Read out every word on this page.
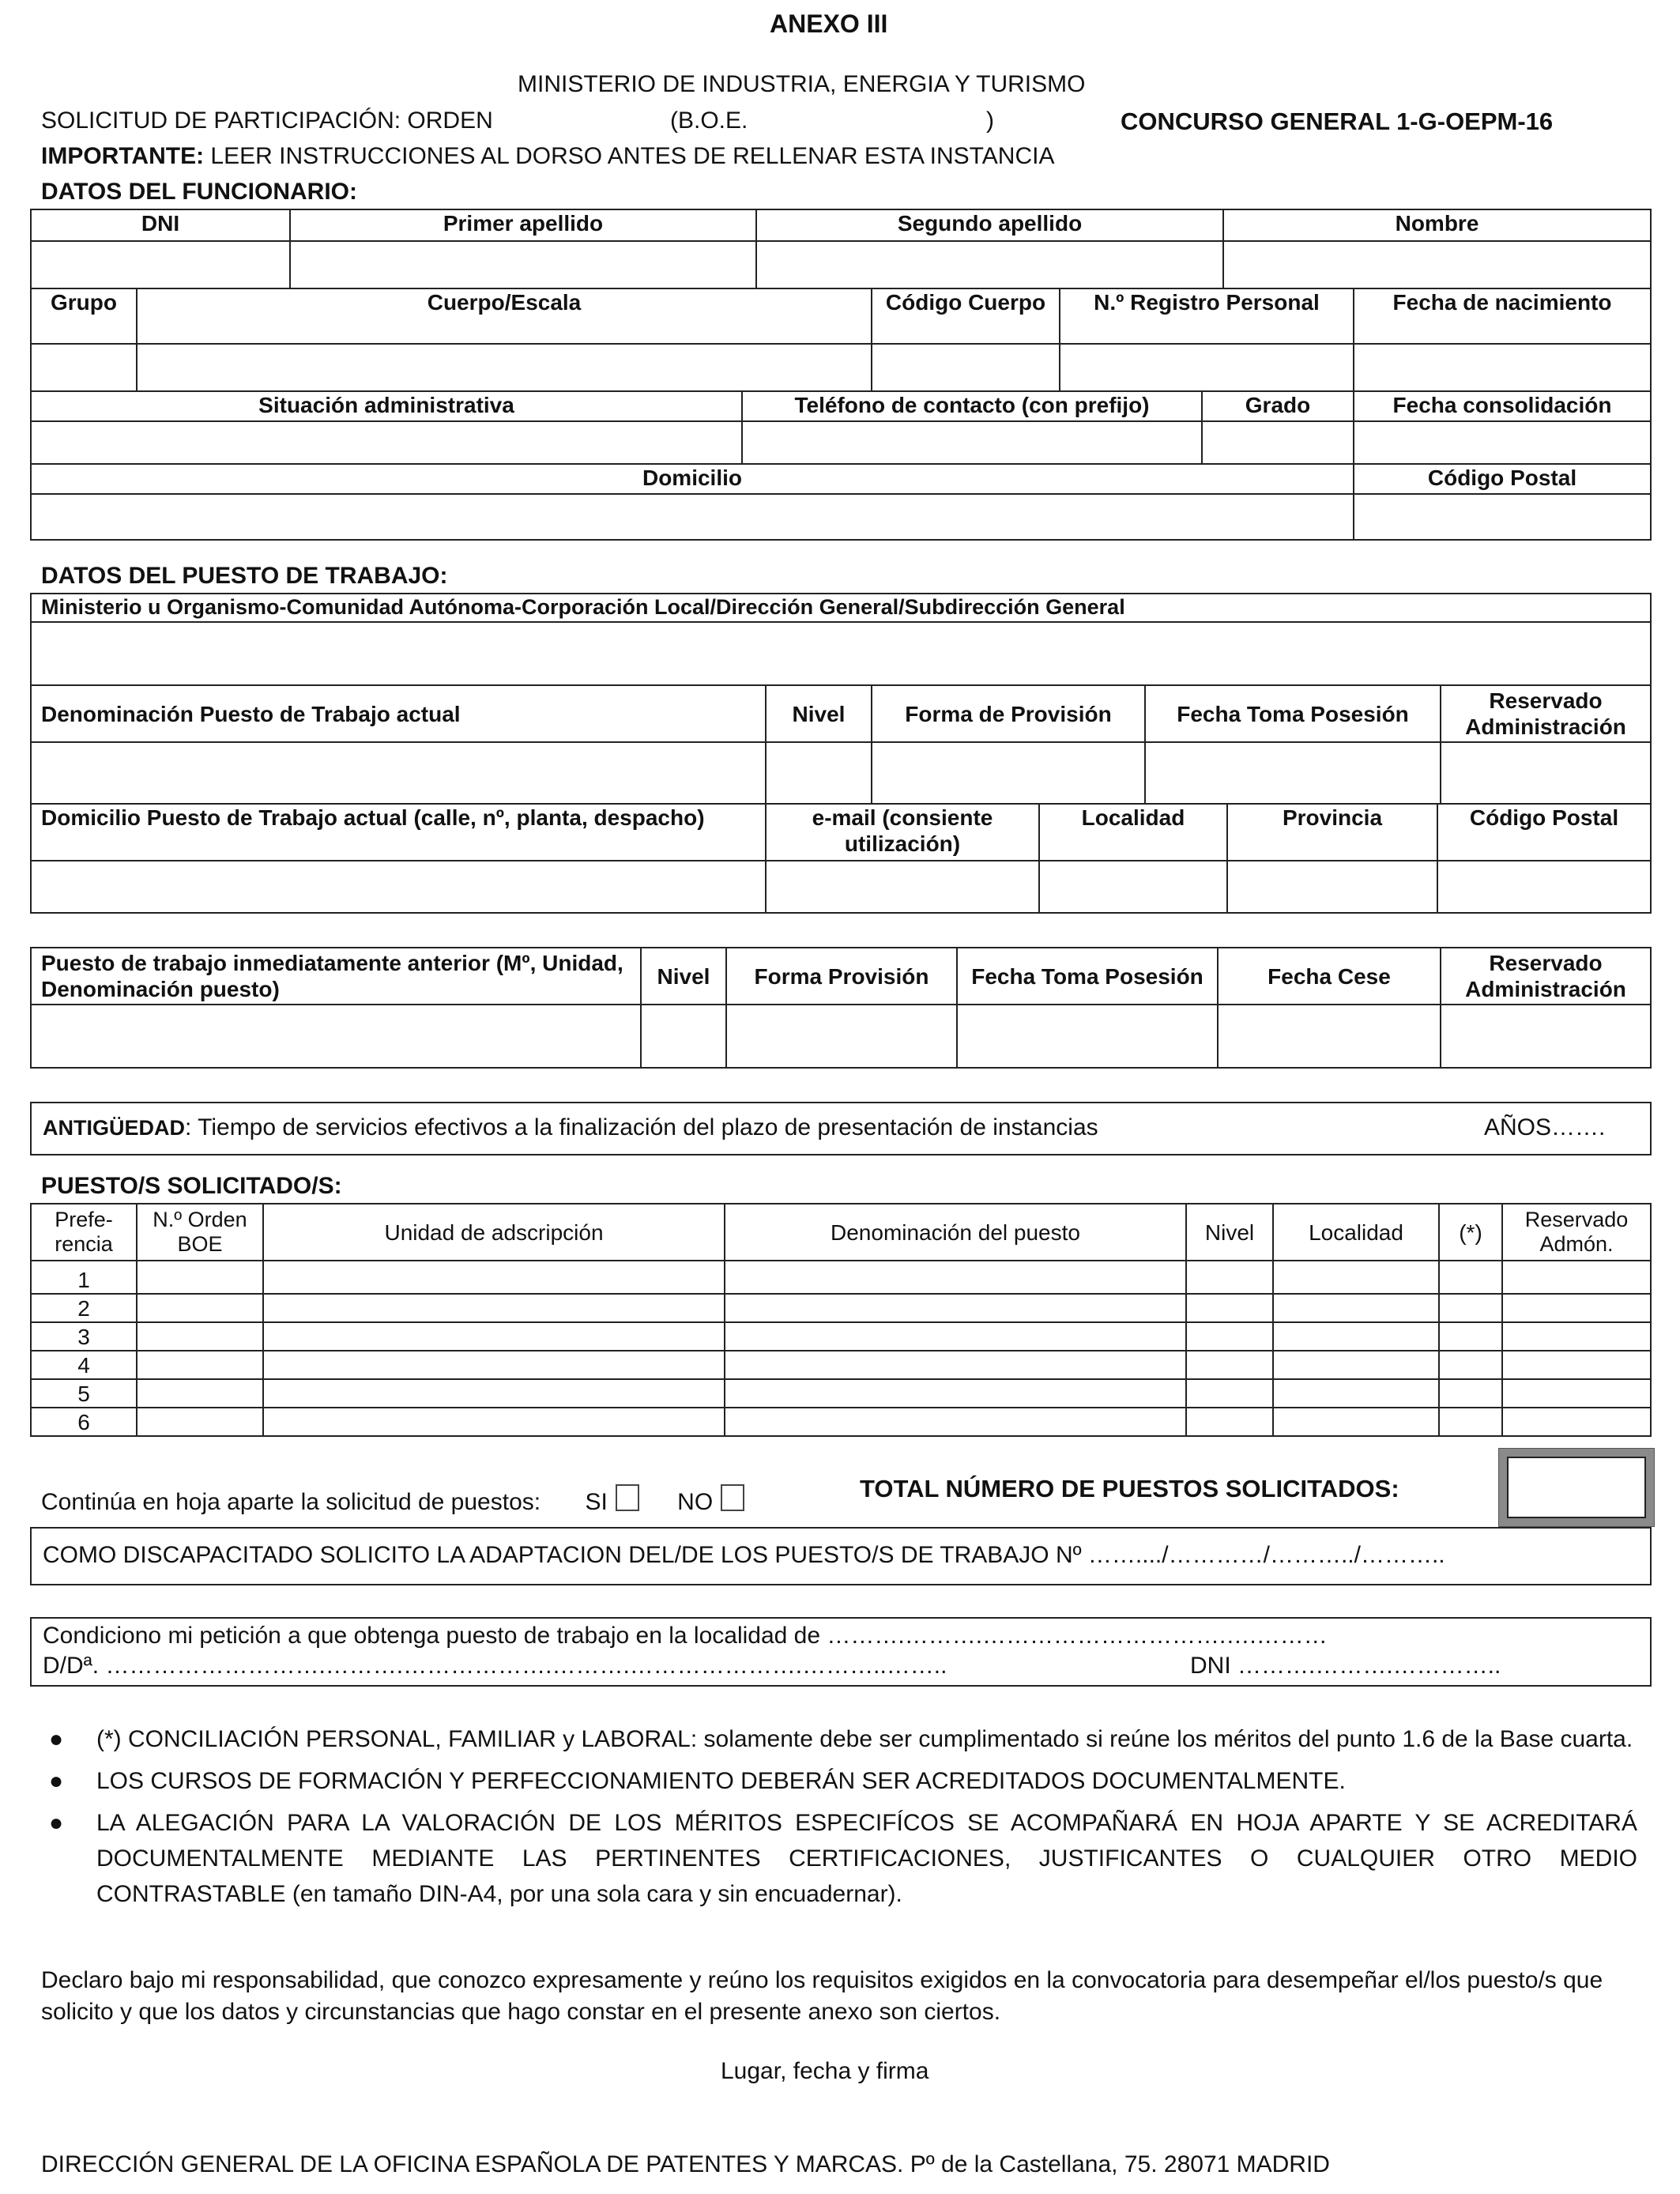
ANEXO III
MINISTERIO DE INDUSTRIA, ENERGIA Y TURISMO
SOLICITUD DE PARTICIPACIÓN: ORDEN	(B.O.E.	)	CONCURSO GENERAL 1-G-OEPM-16
IMPORTANTE: LEER INSTRUCCIONES AL DORSO ANTES DE RELLENAR ESTA INSTANCIA
DATOS DEL FUNCIONARIO:
DNI	Primer apellido	Segundo apellido	Nombre

Grupo	Cuerpo/Escala	Código Cuerpo	N.º Registro Personal	Fecha de nacimiento

Situación administrativa	Teléfono de contacto (con prefijo)	Grado	Fecha consolidación

Domicilio	Código Postal

DATOS DEL PUESTO DE TRABAJO:
Ministerio u Organismo-Comunidad Autónoma-Corporación Local/Dirección General/Subdirección General

Denominación Puesto de Trabajo actual	Nivel	Forma de Provisión	Fecha Toma Posesión	Reservado Administración

Domicilio Puesto de Trabajo actual (calle, nº, planta, despacho)	e-mail (consiente utilización)	Localidad	Provincia	Código Postal

Puesto de trabajo inmediatamente anterior (Mº, Unidad, Denominación puesto)	Nivel	Forma Provisión	Fecha Toma Posesión	Fecha Cese	Reservado Administración

ANTIGÜEDAD: Tiempo de servicios efectivos a la finalización del plazo de presentación de instancias	AÑOS…….
PUESTO/S SOLICITADO/S:
Prefe- rencia	N.º Orden BOE	Unidad de adscripción	Denominación del puesto	Nivel	Localidad	(*)	Reservado Admón.
1							
2							
3							
4							
5							
6							
Continúa en hoja aparte la solicitud de puestos: SI	NO	TOTAL NÚMERO DE PUESTOS SOLICITADOS:
COMO DISCAPACITADO SOLICITO LA ADAPTACION DEL/DE LOS PUESTO/S DE TRABAJO Nº ……..../…………/………../………..
Condiciono mi petición a que obtenga puesto de trabajo en la localidad de ……….……….………………………….….………
D/Dª. ……………………….……….……………….……….………………….………..……..	DNI ……….……….…………..
● (*) CONCILIACIÓN PERSONAL, FAMILIAR y LABORAL: solamente debe ser cumplimentado si reúne los méritos del punto 1.6 de la Base cuarta.
● LOS CURSOS DE FORMACIÓN Y PERFECCIONAMIENTO DEBERÁN SER ACREDITADOS DOCUMENTALMENTE.
● LA ALEGACIÓN PARA LA VALORACIÓN DE LOS MÉRITOS ESPECIFÍCOS SE ACOMPAÑARÁ EN HOJA APARTE Y SE ACREDITARÁ DOCUMENTALMENTE MEDIANTE LAS PERTINENTES CERTIFICACIONES, JUSTIFICANTES O CUALQUIER OTRO MEDIO CONTRASTABLE (en tamaño DIN-A4, por una sola cara y sin encuadernar).
Declaro bajo mi responsabilidad, que conozco expresamente y reúno los requisitos exigidos en la convocatoria para desempeñar el/los puesto/s que solicito y que los datos y circunstancias que hago constar en el presente anexo son ciertos.
Lugar, fecha y firma
DIRECCIÓN GENERAL DE LA OFICINA ESPAÑOLA DE PATENTES Y MARCAS. Pº de la Castellana, 75. 28071 MADRID
